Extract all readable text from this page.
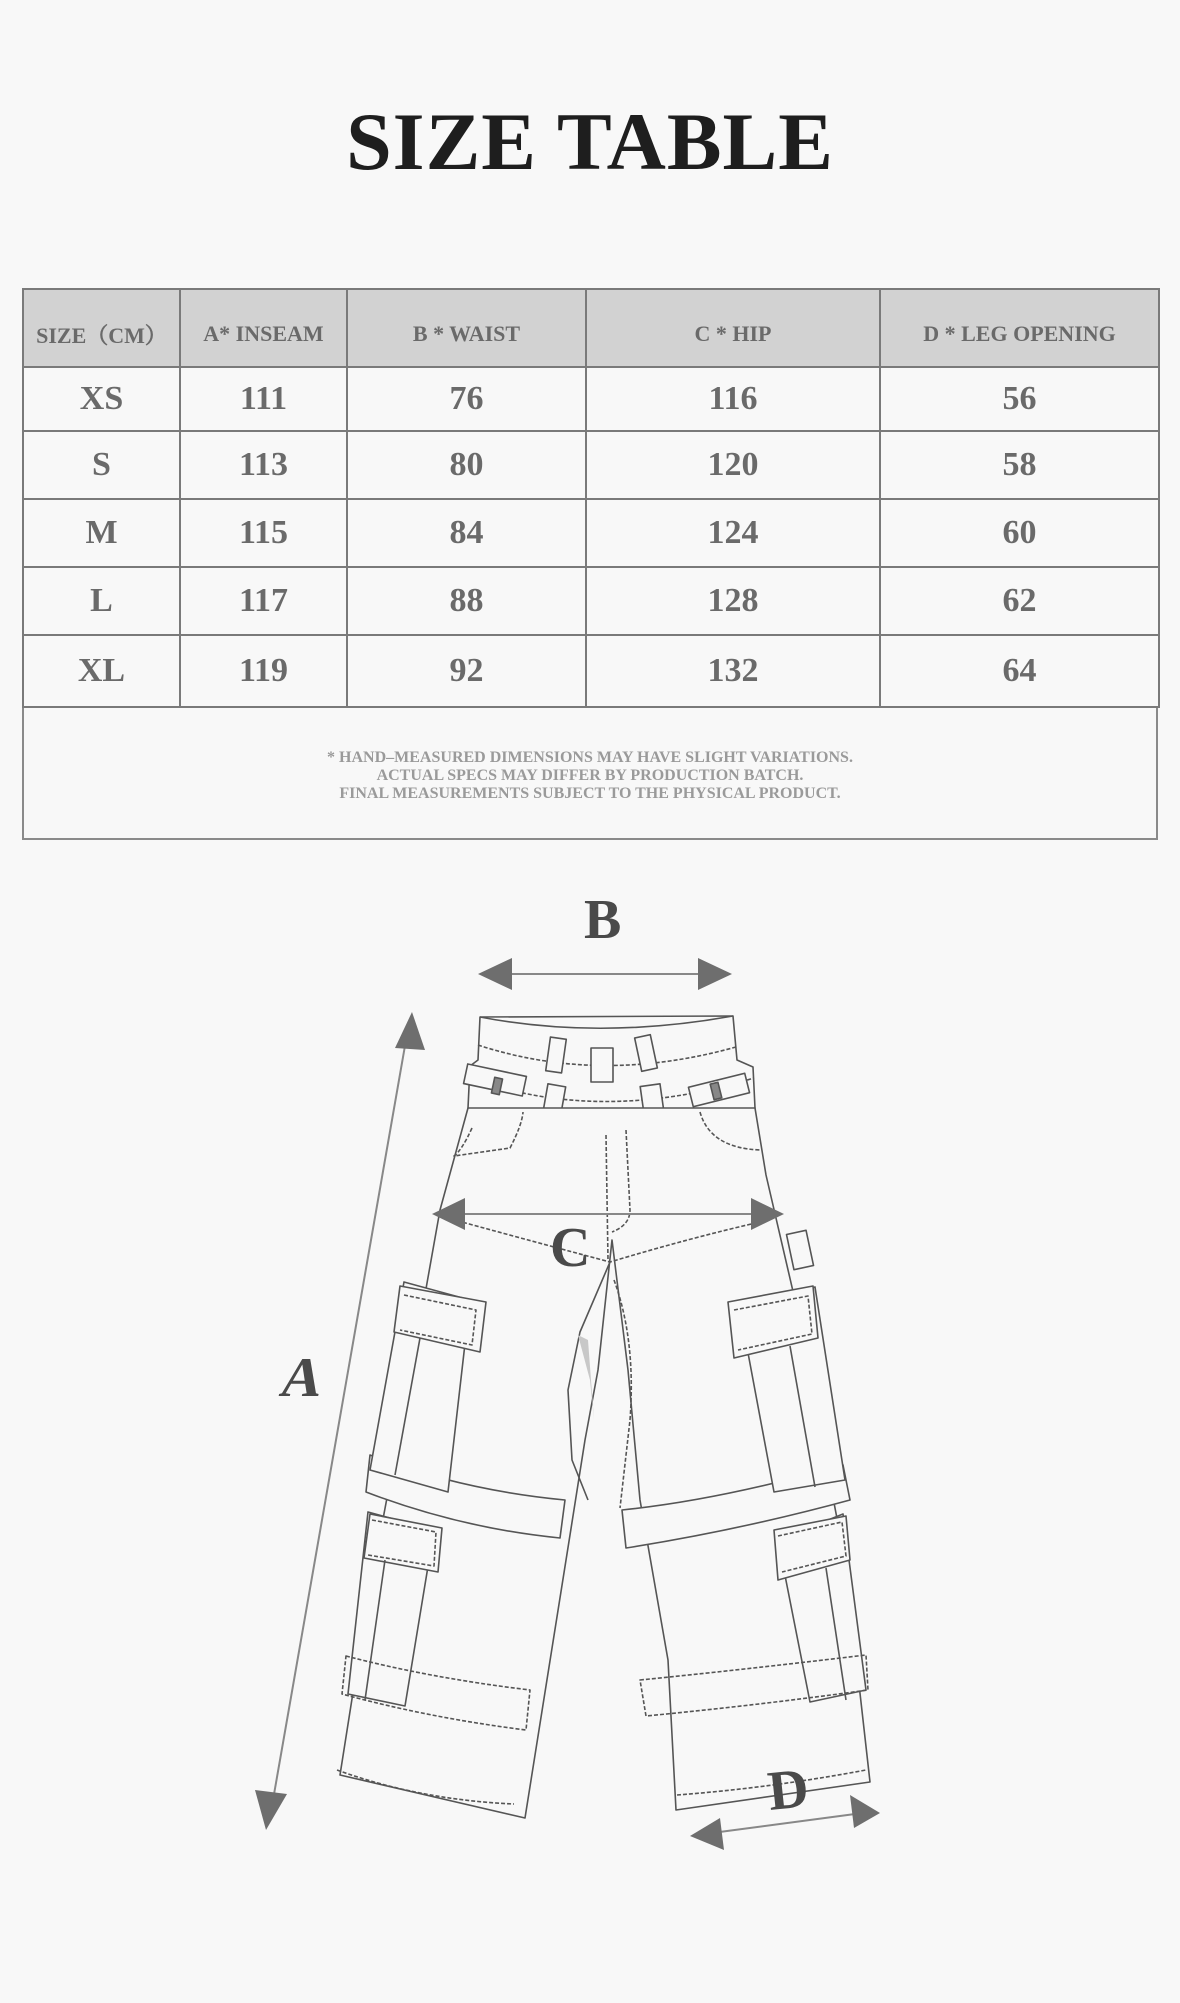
SIZE TABLE
SIZE（CM）	A* INSEAM	B * WAIST	C * HIP	D * LEG OPENING
XS	111	76	116	56
S	113	80	120	58
M	115	84	124	60
L	117	88	128	62
XL	119	92	132	64
* HAND–MEASURED DIMENSIONS MAY HAVE SLIGHT VARIATIONS.
ACTUAL SPECS MAY DIFFER BY PRODUCTION BATCH.
FINAL MEASUREMENTS SUBJECT TO THE PHYSICAL PRODUCT.
B
C
A
D
